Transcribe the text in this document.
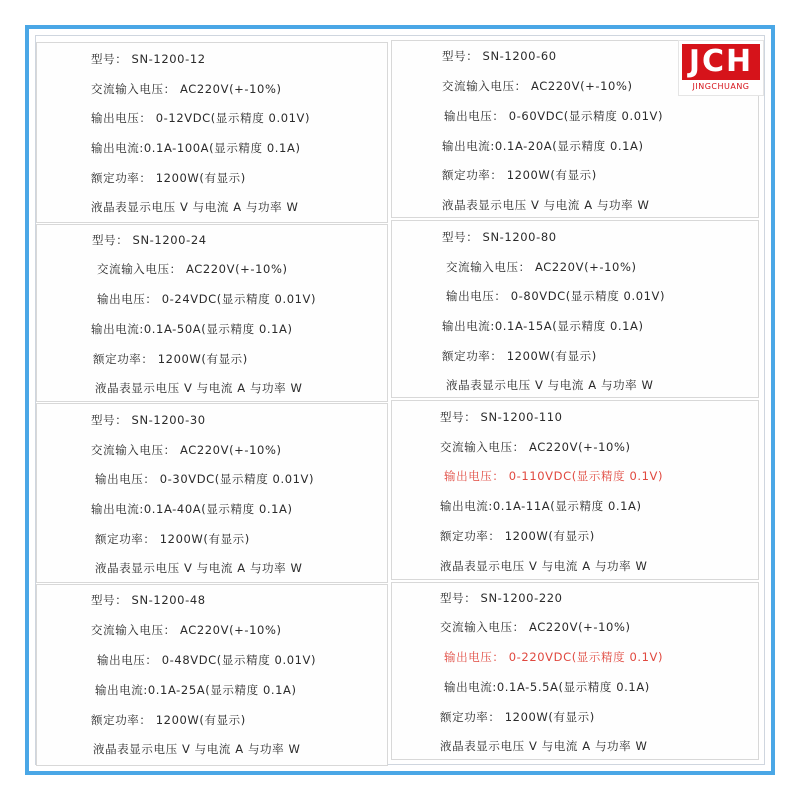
型号： SN-1200-12
交流输入电压： AC220V(+-10%)
输出电压： 0-12VDC(显示精度 0.01V)
输出电流:0.1A-100A(显示精度 0.1A)
额定功率： 1200W(有显示)
液晶表显示电压 V 与电流 A 与功率 W
型号： SN-1200-24
交流输入电压： AC220V(+-10%)
输出电压： 0-24VDC(显示精度 0.01V)
输出电流:0.1A-50A(显示精度 0.1A)
额定功率： 1200W(有显示)
液晶表显示电压 V 与电流 A 与功率 W
型号： SN-1200-30
交流输入电压： AC220V(+-10%)
输出电压： 0-30VDC(显示精度 0.01V)
输出电流:0.1A-40A(显示精度 0.1A)
额定功率： 1200W(有显示)
液晶表显示电压 V 与电流 A 与功率 W
型号： SN-1200-48
交流输入电压： AC220V(+-10%)
输出电压： 0-48VDC(显示精度 0.01V)
输出电流:0.1A-25A(显示精度 0.1A)
额定功率： 1200W(有显示)
液晶表显示电压 V 与电流 A 与功率 W
型号： SN-1200-60
交流输入电压： AC220V(+-10%)
输出电压： 0-60VDC(显示精度 0.01V)
输出电流:0.1A-20A(显示精度 0.1A)
额定功率： 1200W(有显示)
液晶表显示电压 V 与电流 A 与功率 W
型号： SN-1200-80
交流输入电压： AC220V(+-10%)
输出电压： 0-80VDC(显示精度 0.01V)
输出电流:0.1A-15A(显示精度 0.1A)
额定功率： 1200W(有显示)
液晶表显示电压 V 与电流 A 与功率 W
型号： SN-1200-110
交流输入电压： AC220V(+-10%)
输出电压： 0-110VDC(显示精度 0.1V)
输出电流:0.1A-11A(显示精度 0.1A)
额定功率： 1200W(有显示)
液晶表显示电压 V 与电流 A 与功率 W
型号： SN-1200-220
交流输入电压： AC220V(+-10%)
输出电压： 0-220VDC(显示精度 0.1V)
输出电流:0.1A-5.5A(显示精度 0.1A)
额定功率： 1200W(有显示)
液晶表显示电压 V 与电流 A 与功率 W
JCH
JINGCHUANG
